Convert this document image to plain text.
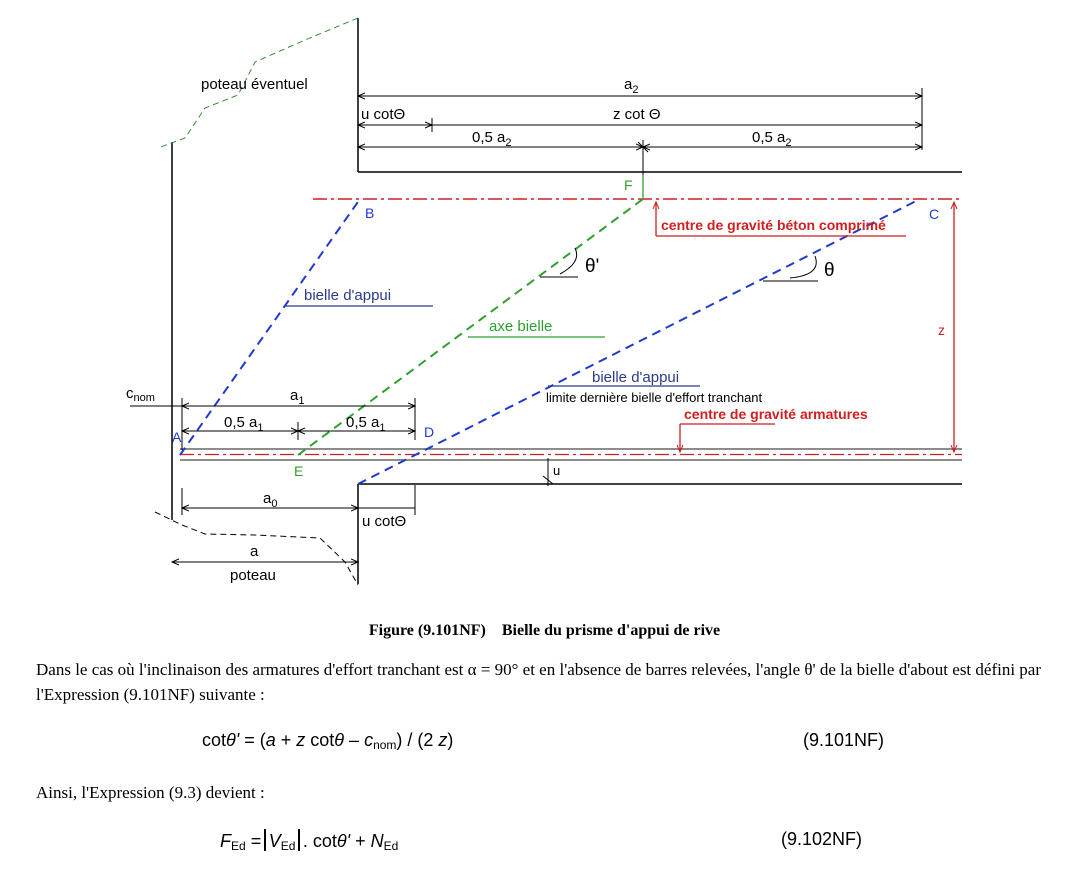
poteau éventuel	$a_2$
u cotΘ	z cot Θ
0,5 $a_2$	0,5 $a_2$
F
B	C
centre de gravité béton comprimé
θ'	θ
bielle d'appui
axe bielle	z
bielle d'appui
limite dernière bielle d'effort tranchant
centre de gravité armatures
$c_{nom}$	$a_1$
0,5 $a_1$	0,5 $a_1$
A	D
E	u
$a_0$
u cotΘ
a
poteau
Figure (9.101NF)    Bielle du prisme d'appui de rive
Dans le cas où l'inclinaison des armatures d'effort tranchant est α = 90° et en l'absence de barres relevées, l'angle θ' de la bielle d'about est défini par l'Expression (9.101NF) suivante :
cotθ' = (a + z cotθ – cnom) / (2 z)	(9.101NF)
Ainsi, l'Expression (9.3) devient :
FEd = VEd . cotθ' + NEd	(9.102NF)
